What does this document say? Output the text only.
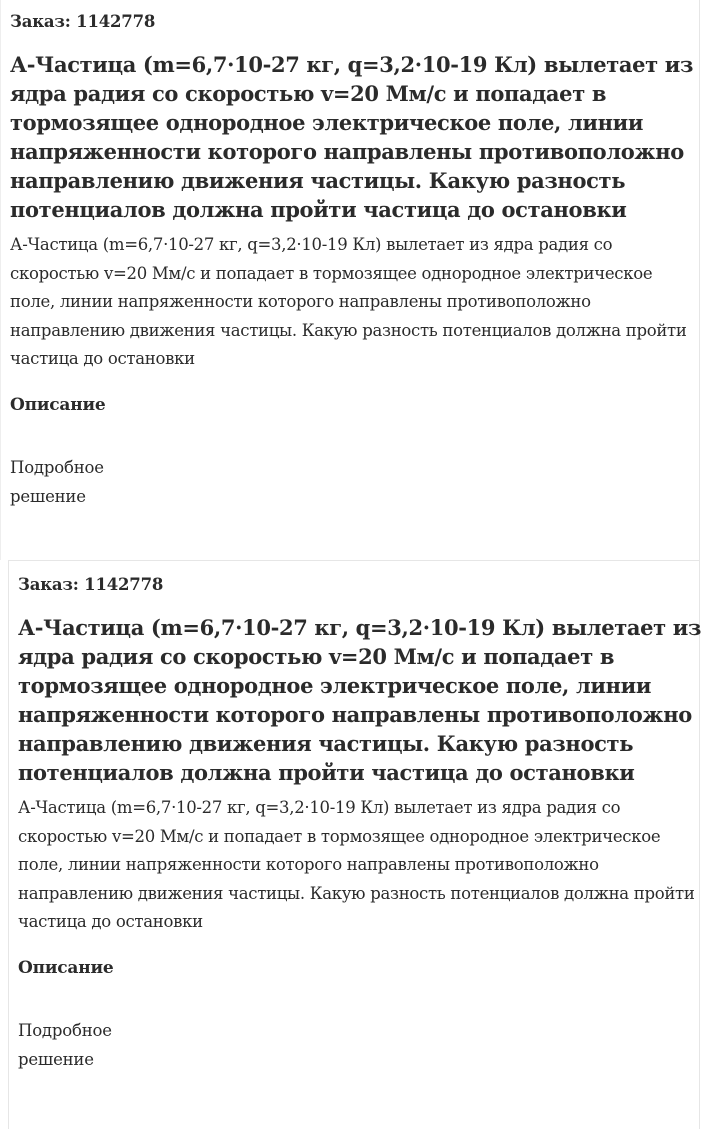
Заказ: 1142778
А-Частица (m=6,7·10-27 кг, q=3,2·10-19 Кл) вылетает из ядра радия со скоростью v=20 Мм/с и попадает в тормозящее однородное электрическое поле, линии напряженности которого направлены противоположно направлению движения частицы. Какую разность потенциалов должна пройти частица до остановки

А-Частица (m=6,7·10-27 кг, q=3,2·10-19 Кл) вылетает из ядра радия со скоростью v=20 Мм/с и попадает в тормозящее однородное электрическое поле, линии напряженности которого направлены противоположно направлению движения частицы. Какую разность потенциалов должна пройти частица до остановки

Описание
Подробное
решение
Заказ: 1142778
А-Частица (m=6,7·10-27 кг, q=3,2·10-19 Кл) вылетает из ядра радия со скоростью v=20 Мм/с и попадает в тормозящее однородное электрическое поле, линии напряженности которого направлены противоположно направлению движения частицы. Какую разность потенциалов должна пройти частица до остановки

А-Частица (m=6,7·10-27 кг, q=3,2·10-19 Кл) вылетает из ядра радия со скоростью v=20 Мм/с и попадает в тормозящее однородное электрическое поле, линии напряженности которого направлены противоположно направлению движения частицы. Какую разность потенциалов должна пройти частица до остановки

Описание
Подробное
решение
